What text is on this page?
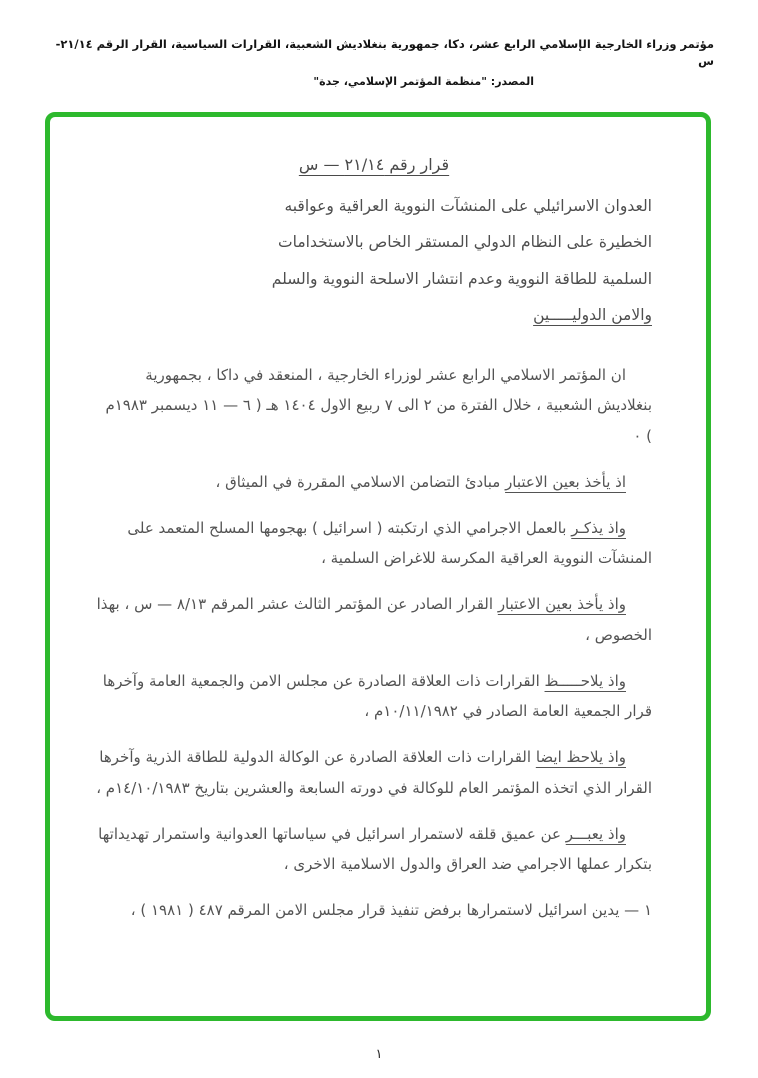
مؤتمر وزراء الخارجية الإسلامي الرابع عشر، دكا، جمهورية بنغلاديش الشعبية، القرارات السياسية، القرار الرقم ٢١/١٤- س
المصدر: "منظمة المؤتمر الإسلامي، جدة"
قرار رقم ٢١/١٤ — س
العدوان الاسرائيلي على المنشآت النووية العراقية وعواقبه
الخطيرة على النظام الدولي المستقر الخاص بالاستخدامات
السلمية للطاقة النووية وعدم انتشار الاسلحة النووية والسلم
والامن الدوليـــــين

ان المؤتمر الاسلامي الرابع عشر لوزراء الخارجية ، المنعقد في داكا ، بجمهورية بنغلاديش الشعبية ، خلال الفترة من ٢ الى ٧ ربيع الاول ١٤٠٤ هـ ( ٦ — ١١ ديسمبر ١٩٨٣م ) ٠

اذ يأخذ بعين الاعتبار مبادئ التضامن الاسلامي المقررة في الميثاق ،

واذ يذكـر بالعمل الاجرامي الذي ارتكبته ( اسرائيل ) بهجومها المسلح المتعمد على المنشآت النووية العراقية المكرسة للاغراض السلمية ،

واذ يأخذ بعين الاعتبار القرار الصادر عن المؤتمر الثالث عشر المرقم ٨/١٣ — س ، بهذا الخصوص ،

واذ يلاحـــــظ القرارات ذات العلاقة الصادرة عن مجلس الامن والجمعية العامة وآخرها قرار الجمعية العامة الصادر في ١٠/١١/١٩٨٢م ،

واذ يلاحظ ايضا القرارات ذات العلاقة الصادرة عن الوكالة الدولية للطاقة الذرية وآخرها القرار الذي اتخذه المؤتمر العام للوكالة في دورته السابعة والعشرين بتاريخ ١٤/١٠/١٩٨٣م ،

واذ يعبـــر عن عميق قلقه لاستمرار اسرائيل في سياساتها العدوانية واستمرار تهديداتها بتكرار عملها الاجرامي ضد العراق والدول الاسلامية الاخرى ،

١ — يدين اسرائيل لاستمرارها برفض تنفيذ قرار مجلس الامن المرقم ٤٨٧ ( ١٩٨١ ) ،

١
